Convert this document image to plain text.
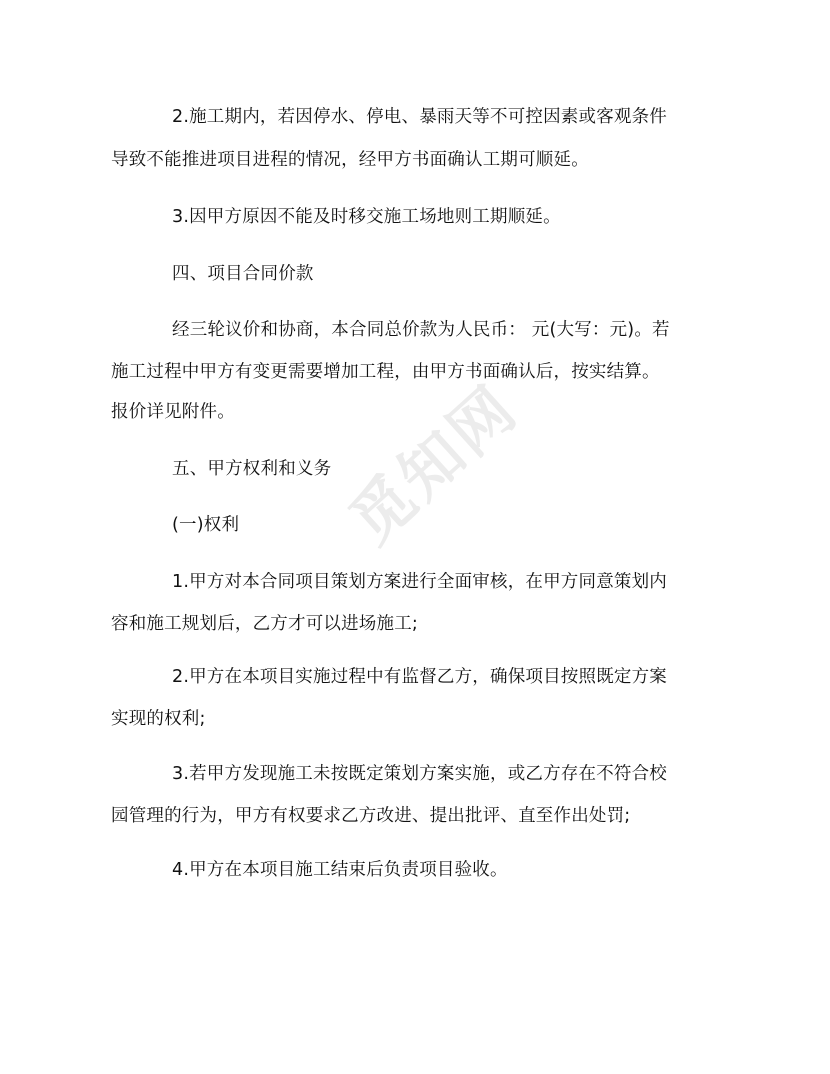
觅知网

2.施工期内，若因停水、停电、暴雨天等不可控因素或客观条件

导致不能推进项目进程的情况，经甲方书面确认工期可顺延。

3.因甲方原因不能及时移交施工场地则工期顺延。

四、项目合同价款

经三轮议价和协商，本合同总价款为人民币： 元(大写：元)。若

施工过程中甲方有变更需要增加工程，由甲方书面确认后，按实结算。

报价详见附件。

五、甲方权利和义务

(一)权利

1.甲方对本合同项目策划方案进行全面审核，在甲方同意策划内

容和施工规划后，乙方才可以进场施工;

2.甲方在本项目实施过程中有监督乙方，确保项目按照既定方案

实现的权利;

3.若甲方发现施工未按既定策划方案实施，或乙方存在不符合校

园管理的行为，甲方有权要求乙方改进、提出批评、直至作出处罚;

4.甲方在本项目施工结束后负责项目验收。
